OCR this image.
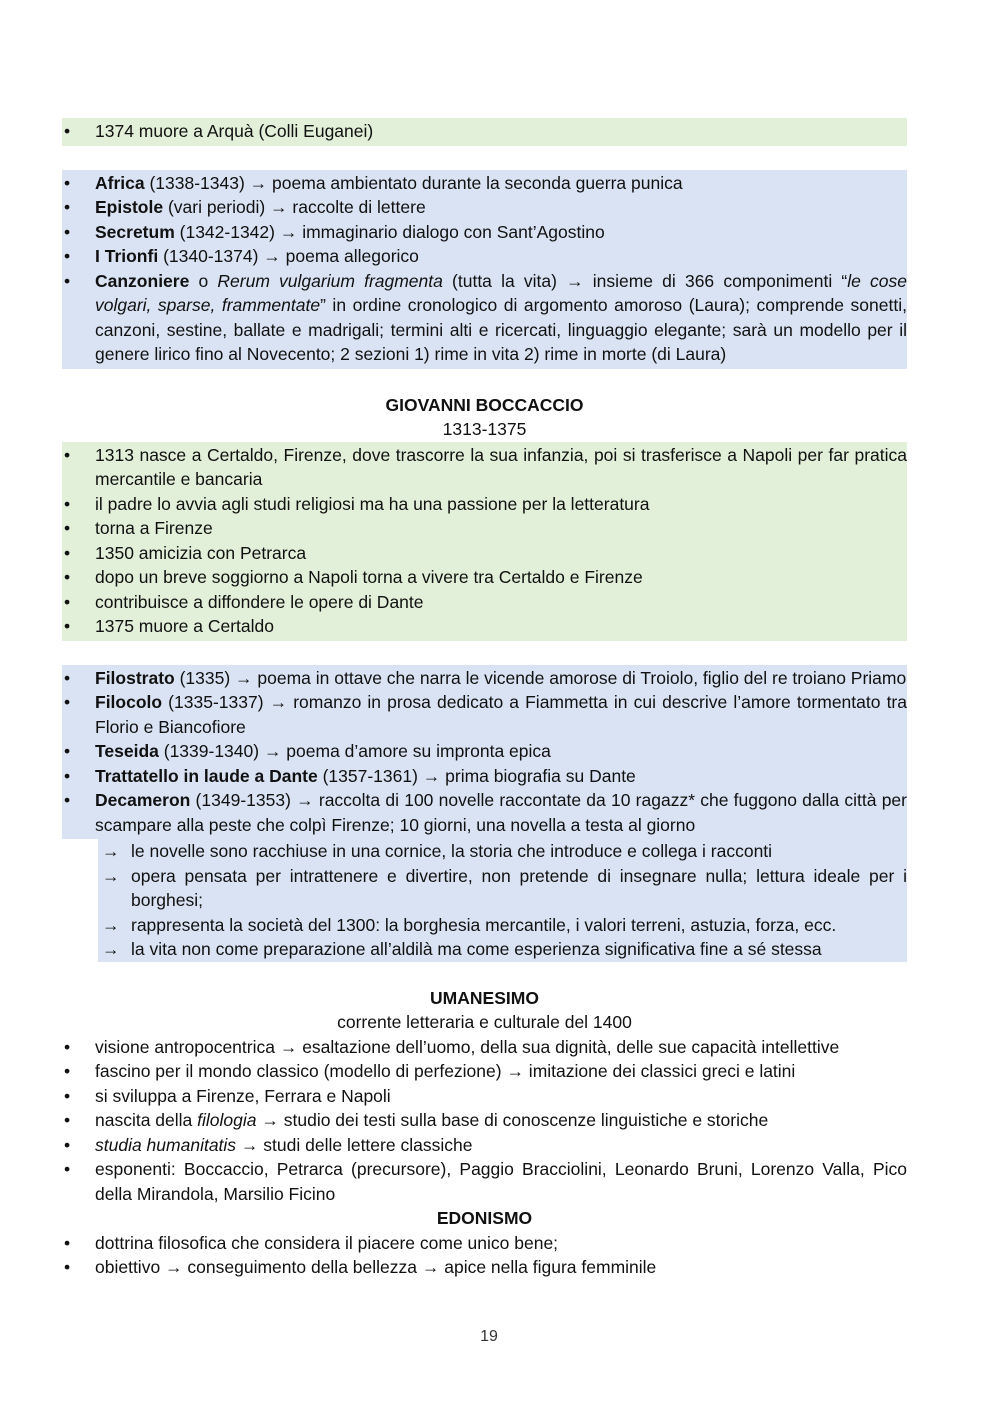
• 1374 muore a Arquà (Colli Euganei)
• Africa (1338-1343) → poema ambientato durante la seconda guerra punica
• Epistole (vari periodi) → raccolte di lettere
• Secretum (1342-1342) → immaginario dialogo con Sant’Agostino
• I Trionfi (1340-1374) → poema allegorico
• Canzoniere o Rerum vulgarium fragmenta (tutta la vita) → insieme di 366 componimenti “le cose volgari, sparse, frammentate” in ordine cronologico di argomento amoroso (Laura); comprende sonetti, canzoni, sestine, ballate e madrigali; termini alti e ricercati, linguaggio elegante; sarà un modello per il genere lirico fino al Novecento; 2 sezioni 1) rime in vita 2) rime in morte (di Laura)
GIOVANNI BOCCACCIO
1313-1375
• 1313 nasce a Certaldo, Firenze, dove trascorre la sua infanzia, poi si trasferisce a Napoli per far pratica mercantile e bancaria
• il padre lo avvia agli studi religiosi ma ha una passione per la letteratura
• torna a Firenze
• 1350 amicizia con Petrarca
• dopo un breve soggiorno a Napoli torna a vivere tra Certaldo e Firenze
• contribuisce a diffondere le opere di Dante
• 1375 muore a Certaldo
• Filostrato (1335) → poema in ottave che narra le vicende amorose di Troiolo, figlio del re troiano Priamo
• Filocolo (1335-1337) → romanzo in prosa dedicato a Fiammetta in cui descrive l’amore tormentato tra Florio e Biancofiore
• Teseida (1339-1340) → poema d’amore su impronta epica
• Trattatello in laude a Dante (1357-1361) → prima biografia su Dante
• Decameron (1349-1353) → raccolta di 100 novelle raccontate da 10 ragazz* che fuggono dalla città per scampare alla peste che colpì Firenze; 10 giorni, una novella a testa al giorno
→ le novelle sono racchiuse in una cornice, la storia che introduce e collega i racconti
→ opera pensata per intrattenere e divertire, non pretende di insegnare nulla; lettura ideale per i borghesi;
→ rappresenta la società del 1300: la borghesia mercantile, i valori terreni, astuzia, forza, ecc.
→ la vita non come preparazione all’aldilà ma come esperienza significativa fine a sé stessa
UMANESIMO
corrente letteraria e culturale del 1400
• visione antropocentrica → esaltazione dell’uomo, della sua dignità, delle sue capacità intellettive
• fascino per il mondo classico (modello di perfezione) → imitazione dei classici greci e latini
• si sviluppa a Firenze, Ferrara e Napoli
• nascita della filologia → studio dei testi sulla base di conoscenze linguistiche e storiche
• studia humanitatis → studi delle lettere classiche
• esponenti: Boccaccio, Petrarca (precursore), Paggio Bracciolini, Leonardo Bruni, Lorenzo Valla, Pico della Mirandola, Marsilio Ficino
EDONISMO
• dottrina filosofica che considera il piacere come unico bene;
• obiettivo → conseguimento della bellezza → apice nella figura femminile
19
